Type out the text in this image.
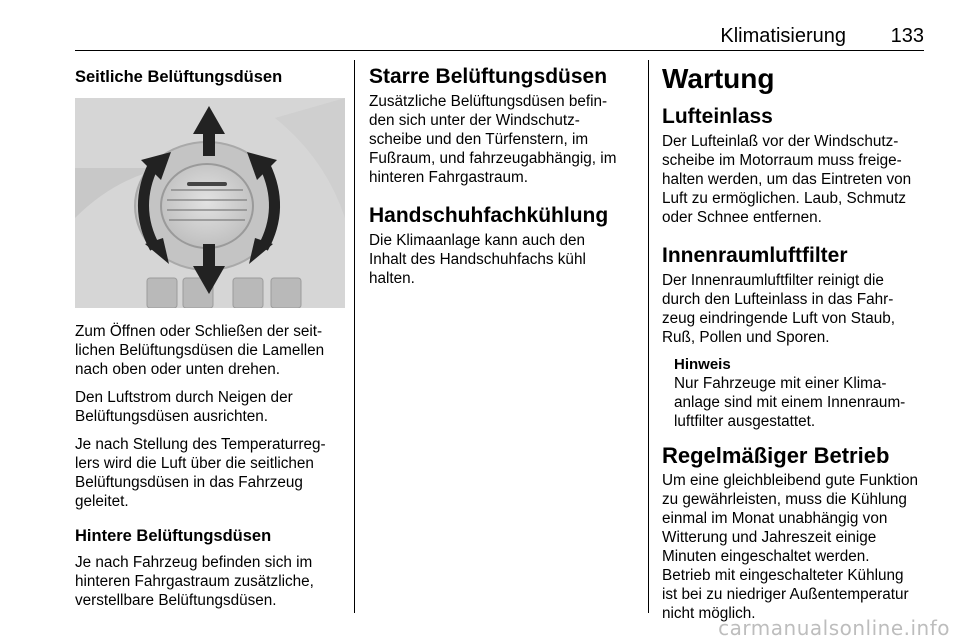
Klimatisierung 133

Seitliche Belüftungsdüsen

Zum Öffnen oder Schließen der seit-
lichen Belüftungsdüsen die Lamellen
nach oben oder unten drehen.

Den Luftstrom durch Neigen der
Belüftungsdüsen ausrichten.

Je nach Stellung des Temperaturreg-
lers wird die Luft über die seitlichen
Belüftungsdüsen in das Fahrzeug
geleitet.

Hintere Belüftungsdüsen

Je nach Fahrzeug befinden sich im
hinteren Fahrgastraum zusätzliche,
verstellbare Belüftungsdüsen.

Starre Belüftungsdüsen

Zusätzliche Belüftungsdüsen befin-
den sich unter der Windschutz-
scheibe und den Türfenstern, im
Fußraum, und fahrzeugabhängig, im
hinteren Fahrgastraum.

Handschuhfachkühlung

Die Klimaanlage kann auch den
Inhalt des Handschuhfachs kühl
halten.

Wartung

Lufteinlass

Der Lufteinlaß vor der Windschutz-
scheibe im Motorraum muss freige-
halten werden, um das Eintreten von
Luft zu ermöglichen. Laub, Schmutz
oder Schnee entfernen.

Innenraumluftfilter

Der Innenraumluftfilter reinigt die
durch den Lufteinlass in das Fahr-
zeug eindringende Luft von Staub,
Ruß, Pollen und Sporen.

Hinweis

Nur Fahrzeuge mit einer Klima-
anlage sind mit einem Innenraum-
luftfilter ausgestattet.

Regelmäßiger Betrieb

Um eine gleichbleibend gute Funktion
zu gewährleisten, muss die Kühlung
einmal im Monat unabhängig von
Witterung und Jahreszeit einige
Minuten eingeschaltet werden.
Betrieb mit eingeschalteter Kühlung
ist bei zu niedriger Außentemperatur
nicht möglich.

carmanualsonline.info
